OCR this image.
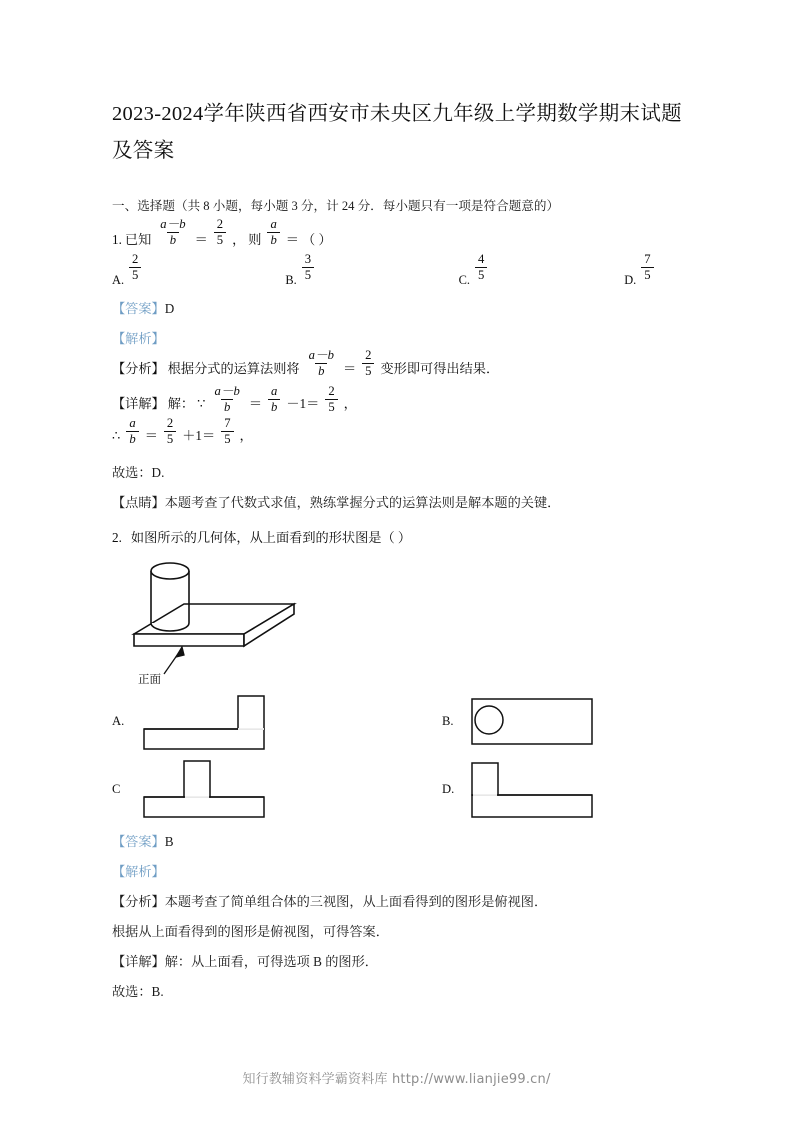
2023-2024学年陕西省西安市未央区九年级上学期数学期末试题及答案

一、选择题（共 8 小题，每小题 3 分，计 24 分．每小题只有一项是符合题意的）

1. 已知 $\frac{a-b}{b} = \frac{2}{5}$ ， 则 $\frac{a}{b}$ ＝ （ ）
A. $\frac{2}{5}$	B. $\frac{3}{5}$	C. $\frac{4}{5}$	D. $\frac{7}{5}$

【答案】D

【解析】

【分析】 根据分式的运算法则将 $\frac{a-b}{b} = \frac{2}{5}$ 变形即可得出结果．
【详解】 解： ∵ $\frac{a-b}{b} = \frac{a}{b} -1= \frac{2}{5}$ ，
∴ $\frac{a}{b} = \frac{2}{5} +1= \frac{7}{5}$ ，

故选：D.

【点睛】本题考查了代数式求值，熟练掌握分式的运算法则是解本题的关键．

2. 如图所示的几何体，从上面看到的形状图是（ ）
正面
A.	B.
C	D.

【答案】B

【解析】

【分析】本题考查了简单组合体的三视图，从上面看得到的图形是俯视图．

根据从上面看得到的图形是俯视图，可得答案．

【详解】解：从上面看，可得选项 B 的图形．

故选：B.

知行教辅资料学霸资料库 http://www.lianjie99.cn/
